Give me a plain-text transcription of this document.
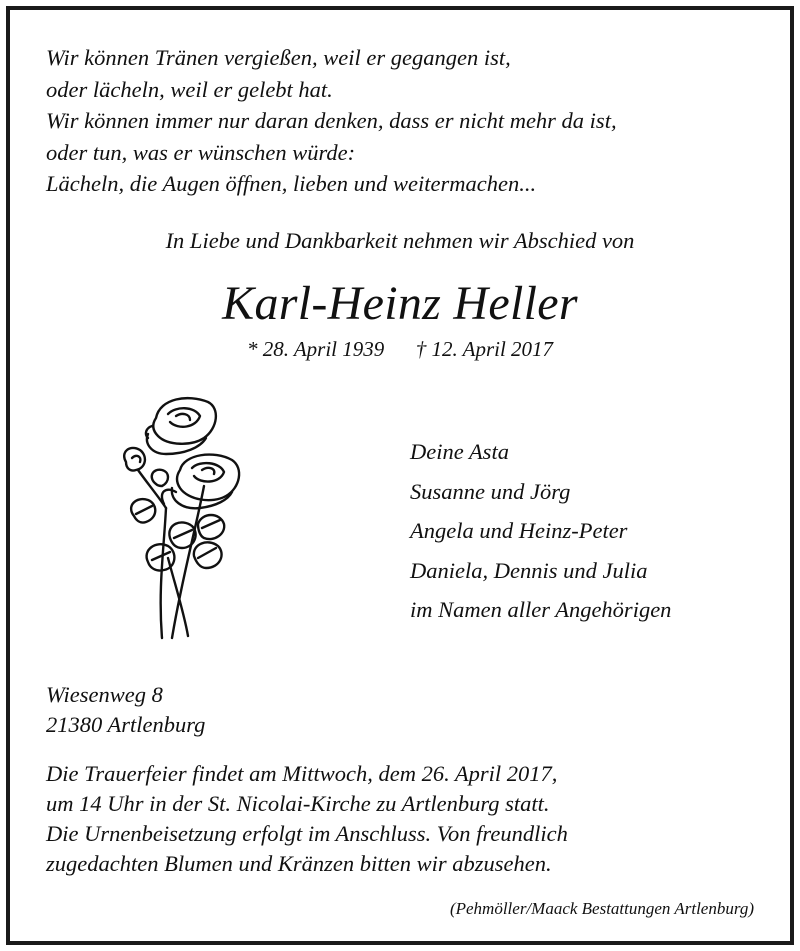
Wir können Tränen vergießen, weil er gegangen ist,
oder lächeln, weil er gelebt hat.
Wir können immer nur daran denken, dass er nicht mehr da ist,
oder tun, was er wünschen würde:
Lächeln, die Augen öffnen, lieben und weitermachen...
In Liebe und Dankbarkeit nehmen wir Abschied von
Karl-Heinz Heller
* 28. April 1939 † 12. April 2017
Deine Asta
Susanne und Jörg
Angela und Heinz-Peter
Daniela, Dennis und Julia
im Namen aller Angehörigen
Wiesenweg 8
21380 Artlenburg
Die Trauerfeier findet am Mittwoch, dem 26. April 2017,
um 14 Uhr in der St. Nicolai-Kirche zu Artlenburg statt.
Die Urnenbeisetzung erfolgt im Anschluss. Von freundlich
zugedachten Blumen und Kränzen bitten wir abzusehen.
(Pehmöller/Maack Bestattungen Artlenburg)
